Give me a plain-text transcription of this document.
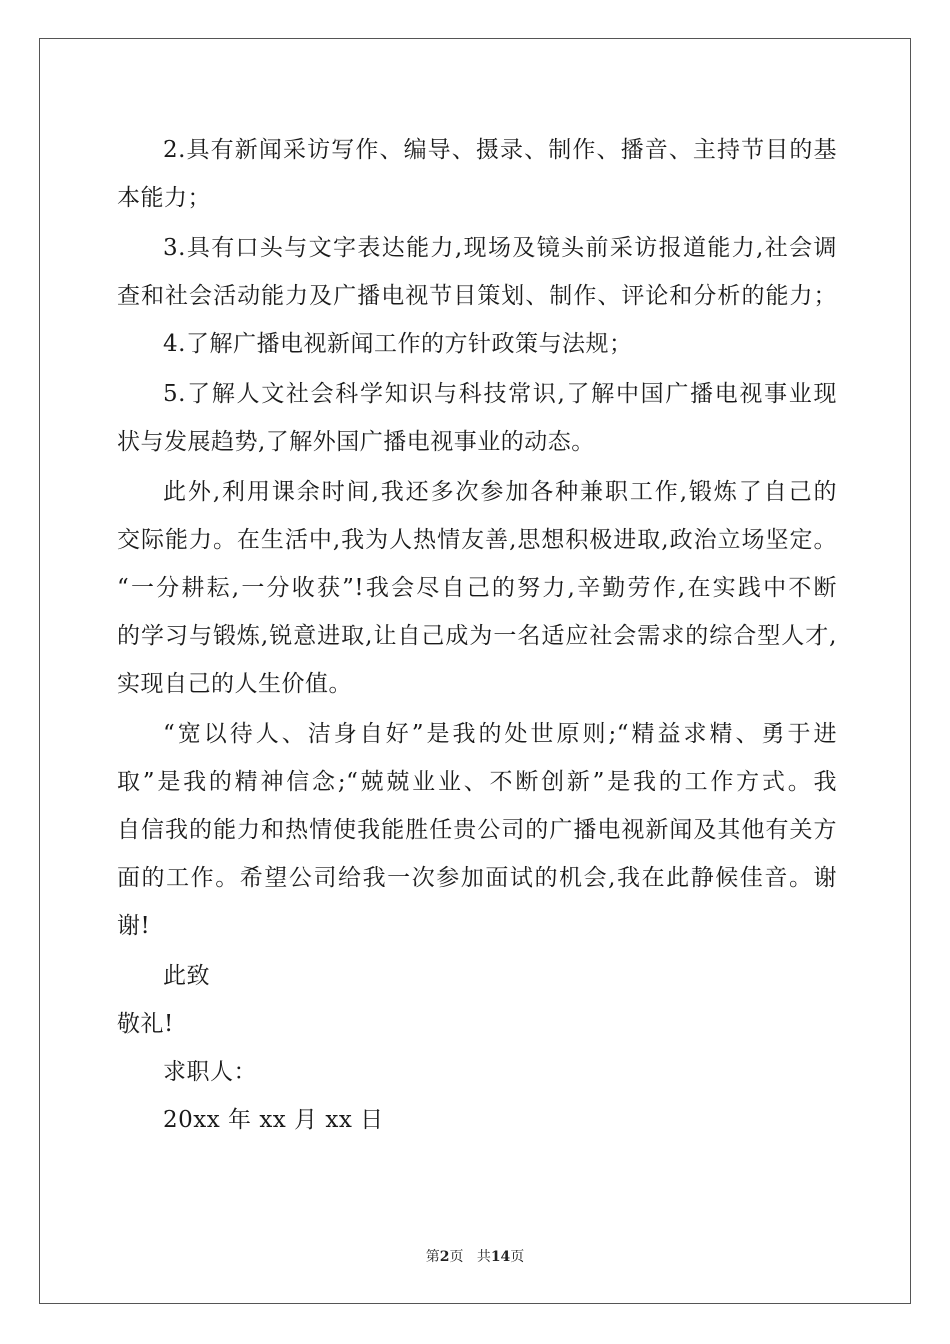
2.具有新闻采访写作、编导、摄录、制作、播音、主持节目的基
本能力；
3.具有口头与文字表达能力,现场及镜头前采访报道能力,社会调
查和社会活动能力及广播电视节目策划、制作、评论和分析的能力；
4.了解广播电视新闻工作的方针政策与法规；
5.了解人文社会科学知识与科技常识,了解中国广播电视事业现
状与发展趋势,了解外国广播电视事业的动态。
此外,利用课余时间,我还多次参加各种兼职工作,锻炼了自己的
交际能力。在生活中,我为人热情友善,思想积极进取,政治立场坚定。
“一分耕耘,一分收获”!我会尽自己的努力,辛勤劳作,在实践中不断
的学习与锻炼,锐意进取,让自己成为一名适应社会需求的综合型人才,
实现自己的人生价值。
“宽以待人、洁身自好”是我的处世原则;“精益求精、勇于进
取”是我的精神信念;“兢兢业业、不断创新”是我的工作方式。我
自信我的能力和热情使我能胜任贵公司的广播电视新闻及其他有关方
面的工作。希望公司给我一次参加面试的机会,我在此静候佳音。谢
谢!
此致
敬礼!
求职人：
20xx 年 xx 月 xx 日
第2页 共14页
